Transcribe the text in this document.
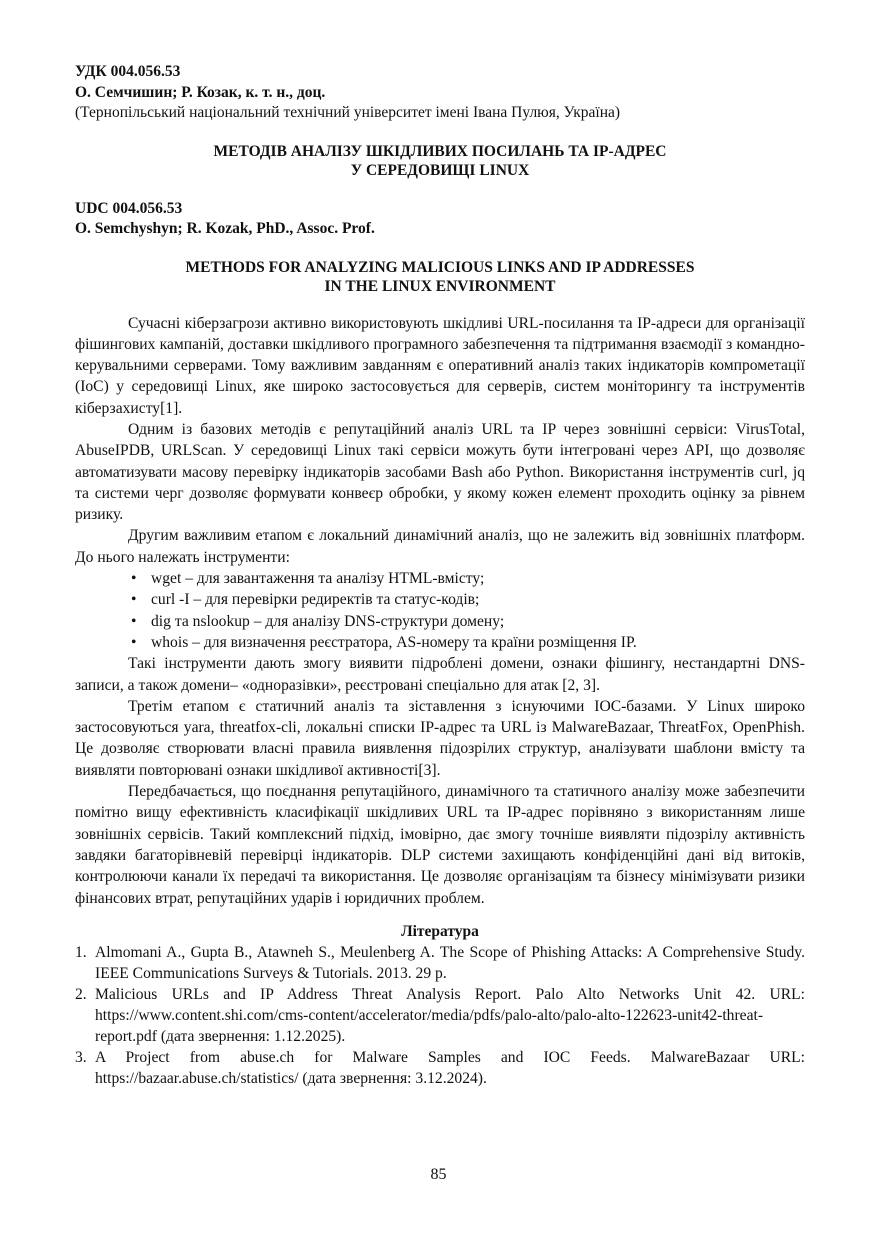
УДК 004.056.53
О. Семчишин; Р. Козак, к. т. н., доц.
(Тернопільський національний технічний університет імені Івана Пулюя, Україна)
МЕТОДІВ АНАЛІЗУ ШКІДЛИВИХ ПОСИЛАНЬ ТА IP-АДРЕС
У СЕРЕДОВИЩІ LINUX
UDC 004.056.53
O. Semchyshyn; R. Kozak, PhD., Assoc. Prof.
METHODS FOR ANALYZING MALICIOUS LINKS AND IP ADDRESSES
IN THE LINUX ENVIRONMENT

Сучасні кіберзагрози активно використовують шкідливі URL-посилання та IP-адреси для організації фішингових кампаній, доставки шкідливого програмного забезпечення та підтримання взаємодії з командно-керувальними серверами. Тому важливим завданням є оперативний аналіз таких індикаторів компрометації (IoC) у середовищі Linux, яке широко застосовується для серверів, систем моніторингу та інструментів кіберзахисту[1].

Одним із базових методів є репутаційний аналіз URL та IP через зовнішні сервіси: VirusTotal, AbuseIPDB, URLScan. У середовищі Linux такі сервіси можуть бути інтегровані через API, що дозволяє автоматизувати масову перевірку індикаторів засобами Bash або Python. Використання інструментів curl, jq та системи черг дозволяє формувати конвеєр обробки, у якому кожен елемент проходить оцінку за рівнем ризику.

Другим важливим етапом є локальний динамічний аналіз, що не залежить від зовнішніх платформ. До нього належать інструменти:

• wget – для завантаження та аналізу HTML-вмісту;
• curl -I – для перевірки редиректів та статус-кодів;
• dig та nslookup – для аналізу DNS-структури домену;
• whois – для визначення реєстратора, AS-номеру та країни розміщення IP.

Такі інструменти дають змогу виявити підроблені домени, ознаки фішингу, нестандартні DNS-записи, а також домени– «одноразівки», реєстровані спеціально для атак [2, 3].

Третім етапом є статичний аналіз та зіставлення з існуючими IOC-базами. У Linux широко застосовуються yara, threatfox-cli, локальні списки IP-адрес та URL із MalwareBazaar, ThreatFox, OpenPhish. Це дозволяє створювати власні правила виявлення підозрілих структур, аналізувати шаблони вмісту та виявляти повторювані ознаки шкідливої активності[3].

Передбачається, що поєднання репутаційного, динамічного та статичного аналізу може забезпечити помітно вищу ефективність класифікації шкідливих URL та IP-адрес порівняно з використанням лише зовнішніх сервісів. Такий комплексний підхід, імовірно, дає змогу точніше виявляти підозрілу активність завдяки багаторівневій перевірці індикаторів. DLP системи захищають конфіденційні дані від витоків, контролюючи канали їх передачі та використання. Це дозволяє організаціям та бізнесу мінімізувати ризики фінансових втрат, репутаційних ударів і юридичних проблем.

Література
1. Almomani A., Gupta B., Atawneh S., Meulenberg A. The Scope of Phishing Attacks: A Comprehensive Study. IEEE Communications Surveys & Tutorials. 2013. 29 p.
2. Malicious URLs and IP Address Threat Analysis Report. Palo Alto Networks Unit 42. URL: https://www.content.shi.com/cms-content/accelerator/media/pdfs/palo-alto/palo-alto-122623-unit42-threat-report.pdf (дата звернення: 1.12.2025).
3. A Project from abuse.ch for Malware Samples and IOC Feeds. MalwareBazaar URL: https://bazaar.abuse.ch/statistics/ (дата звернення: 3.12.2024).
85
